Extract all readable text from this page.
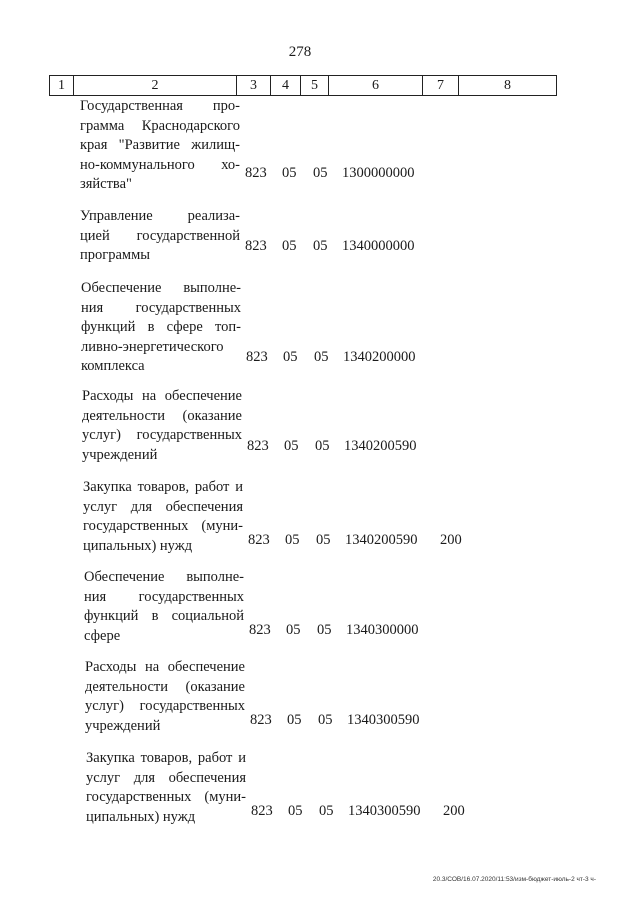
278
1	2	3	4	5	6	7	8
Государственная про-
грамма Краснодарского
края "Развитие жилищ-
но-коммунального хо-
зяйства"
823 05 05 1300000000
Управление реализа-
цией государственной
программы
823 05 05 1340000000
Обеспечение выполне-
ния государственных
функций в сфере топ-
ливно-энергетического
комплекса
823 05 05 1340200000
Расходы на обеспечение
деятельности (оказание
услуг) государственных
учреждений
823 05 05 1340200590
Закупка товаров, работ и
услуг для обеспечения
государственных (муни-
ципальных) нужд	823 05 05 1340200590 200
Обеспечение выполне-
ния государственных
функций в социальной
сфере	823 05 05 1340300000
Расходы на обеспечение
деятельности (оказание
услуг) государственных
учреждений	823 05 05 1340300590
Закупка товаров, работ и
услуг для обеспечения
государственных (муни-
ципальных) нужд	823 05 05 1340300590 200
20.3/СОВ/16.07.2020/11:53/изм-бюджет-июль-2 чт-3 ч-
